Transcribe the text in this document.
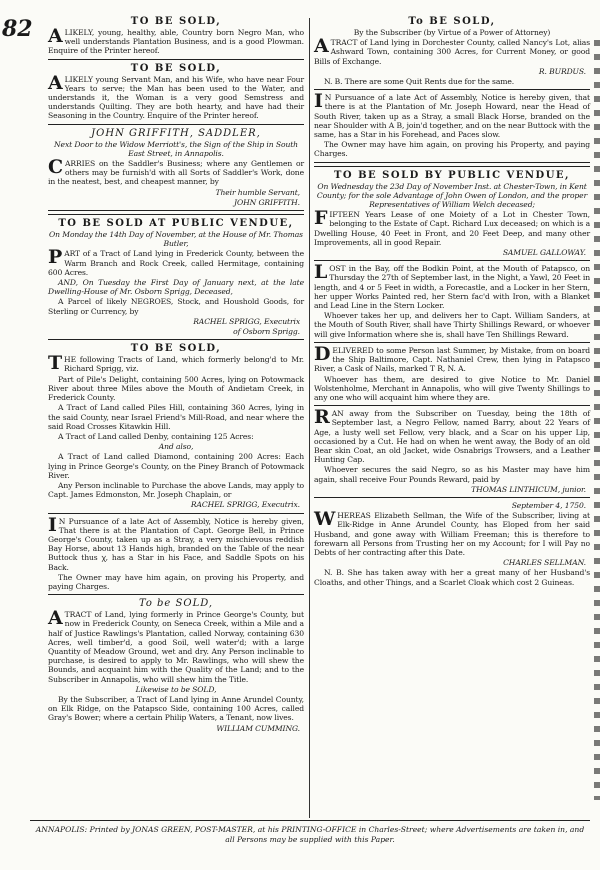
82	TO BE SOLD,

ALIKELY, young, healthy, able, Country born Negro Man, who well understands Plantation Business, and is a good Plowman. Enquire of the Printer hereof.

TO BE SOLD,

ALIKELY young Servant Man, and his Wife, who have near Four Years to serve; the Man has been used to the Water, and understands it, the Woman is a very good Semstress and understands Quilting. They are both hearty, and have had their Seasoning in the Country. Enquire of the Printer hereof.

JOHN GRIFFITH, SADDLER,

Next Door to the Widow Merriott's, the Sign of the Ship in South East Street, in Annapolis.

CARRIES on the Saddler's Business; where any Gentlemen or others may be furnish'd with all Sorts of Saddler's Work, done in the neatest, best, and cheapest manner, by

Their humble Servant,

JOHN GRIFFITH.

TO BE SOLD AT PUBLIC VENDUE,

On Monday the 14th Day of November, at the House of Mr. Thomas Butler,

PART of a Tract of Land lying in Frederick County, between the Warm Branch and Rock Creek, called Hermitage, containing 600 Acres.

AND, On Tuesday the First Day of January next, at the late Dwelling-House of Mr. Osborn Sprigg, Deceased,

A Parcel of likely NEGROES, Stock, and Houshold Goods, for Sterling or Currency, by

RACHEL SPRIGG, Executrix

of Osborn Sprigg.

TO BE SOLD,

THE following Tracts of Land, which formerly belong'd to Mr. Richard Sprigg, viz.

Part of Pile's Delight, containing 500 Acres, lying on Potowmack River about three Miles above the Mouth of Andietam Creek, in Frederick County.

A Tract of Land called Piles Hill, containing 360 Acres, lying in the said County, near Israel Friend's Mill-Road, and near where the said Road Crosses Kitawkin Hill.

A Tract of Land called Denby, containing 125 Acres:

And also,

A Tract of Land called Diamond, containing 200 Acres: Each lying in Prince George's County, on the Piney Branch of Potowmack River.

Any Person inclinable to Purchase the above Lands, may apply to Capt. James Edmonston, Mr. Joseph Chaplain, or

RACHEL SPRIGG, Executrix.

IN Pursuance of a late Act of Assembly, Notice is hereby given, That there is at the Plantation of Capt. George Bell, in Prince George's County, taken up as a Stray, a very mischievous reddish Bay Horse, about 13 Hands high, branded on the Table of the near Buttock thus ꭓ, has a Star in his Face, and Saddle Spots on his Back.

The Owner may have him again, on proving his Property, and paying Charges.

To be SOLD,

ATRACT of Land, lying formerly in Prince George's County, but now in Frederick County, on Seneca Creek, within a Mile and a half of Justice Rawlings's Plantation, called Norway, containing 630 Acres, well timber'd, a good Soil, well water'd; with a large Quantity of Meadow Ground, wet and dry. Any Person inclinable to purchase, is desired to apply to Mr. Rawlings, who will shew the Bounds, and acquaint him with the Quality of the Land; and to the Subscriber in Annapolis, who will shew him the Title.

Likewise to be SOLD,

By the Subscriber, a Tract of Land lying in Anne Arundel County, on Elk Ridge, on the Patapsco Side, containing 100 Acres, called Gray's Bower; where a certain Philip Waters, a Tenant, now lives.

WILLIAM CUMMING.

To BE SOLD,

By the Subscriber (by Virtue of a Power of Attorney)

ATRACT of Land lying in Dorchester County, called Nancy's Lot, alias Ashward Town, containing 300 Acres, for Current Money, or good Bills of Exchange.

R. BURDUS.

N. B. There are some Quit Rents due for the same.

IN Pursuance of a late Act of Assembly, Notice is hereby given, that there is at the Plantation of Mr. Joseph Howard, near the Head of South River, taken up as a Stray, a small Black Horse, branded on the near Shoulder with A B, join'd together, and on the near Buttock with the same, has a Star in his Forehead, and Paces slow.

The Owner may have him again, on proving his Property, and paying Charges.

TO BE SOLD BY PUBLIC VENDUE,

On Wednesday the 23d Day of November Inst. at Chester-Town, in Kent County; for the sole Advantage of John Owen of London, and the proper Representatives of William Welch deceased;

FIFTEEN Years Lease of one Moiety of a Lot in Chester Town, belonging to the Estate of Capt. Richard Lux deceased; on which is a Dwelling House, 40 Feet in Front, and 20 Feet Deep, and many other Improvements, all in good Repair.

SAMUEL GALLOWAY.

LOST in the Bay, off the Bodkin Point, at the Mouth of Patapsco, on Thursday the 27th of September last, in the Night, a Yawl, 20 Feet in length, and 4 or 5 Feet in width, a Forecastle, and a Locker in her Stern, her upper Works Painted red, her Stern fac'd with Iron, with a Blanket and Lead Line in the Stern Locker.

Whoever takes her up, and delivers her to Capt. William Sanders, at the Mouth of South River, shall have Thirty Shillings Reward, or whoever will give Information where she is, shall have Ten Shillings Reward.

DELIVERED to some Person last Summer, by Mistake, from on board the Ship Baltimore, Capt. Nathaniel Crew, then lying in Patapsco River, a Cask of Nails, marked T R, N. A.

Whoever has them, are desired to give Notice to Mr. Daniel Wolstenholme, Merchant in Annapolis, who will give Twenty Shillings to any one who will acquaint him where they are.

RAN away from the Subscriber on Tuesday, being the 18th of September last, a Negro Fellow, named Barry, about 22 Years of Age, a lusty well set Fellow, very black, and a Scar on his upper Lip, occasioned by a Cut. He had on when he went away, the Body of an old Bear skin Coat, an old Jacket, wide Osnabrigs Trowsers, and a Leather Hunting Cap.

Whoever secures the said Negro, so as his Master may have him again, shall receive Four Pounds Reward, paid by

THOMAS LINTHICUM, junior.

September 4, 1750.

WHEREAS Elizabeth Sellman, the Wife of the Subscriber, living at Elk-Ridge in Anne Arundel County, has Eloped from her said Husband, and gone away with William Freeman; this is therefore to forewarn all Persons from Trusting her on my Account; for I will Pay no Debts of her contracting after this Date.

CHARLES SELLMAN.

N. B. She has taken away with her a great many of her Husband's Cloaths, and other Things, and a Scarlet Cloak which cost 2 Guineas.

ANNAPOLIS: Printed by JONAS GREEN, POST-MASTER, at his PRINTING-OFFICE in Charles-Street; where Advertisements are taken in, and all Persons may be supplied with this Paper.
